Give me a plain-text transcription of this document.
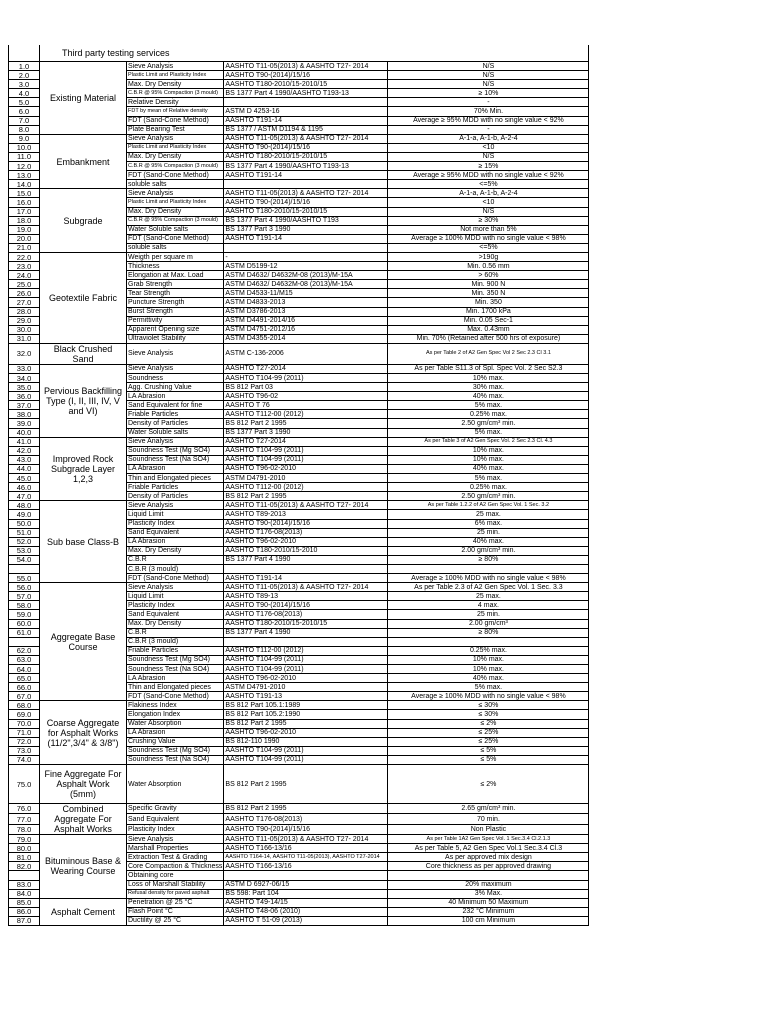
	Third party testing services			
1.0	Existing Material	Sieve Analysis	AASHTO T11-05(2013) & AASHTO T27- 2014	N/S
2.0		Plastic Limit and Plasticity Index	AASHTO T90-(2014)/15/16	N/S
3.0		Max. Dry Density	AASHTO T180-2010/15-2010/15	N/S
4.0		C.B.R @ 95% Compaction (3 mould)	BS 1377 Part 4 1990/AASHTO T193-13	≥ 10%
5.0		Relative Density		-
6.0		FDT by mean of Relative density	ASTM D 4253-16	70% Min.
7.0		FDT (Sand-Cone Method)	AASHTO T191-14	Average ≥ 95% MDD with no single value < 92%
8.0		Plate Bearing Test	BS 1377 / ASTM D1194 & 1195	-
9.0	Embankment	Sieve Analysis	AASHTO T11-05(2013) & AASHTO T27- 2014	A-1-a, A-1-b, A-2-4
10.0		Plastic Limit and Plasticity Index	AASHTO T90-(2014)/15/16	<10
11.0		Max. Dry Density	AASHTO T180-2010/15-2010/15	N/S
12.0		C.B.R @ 95% Compaction (3 mould)	BS 1377 Part 4 1990/AASHTO T193-13	≥ 15%
13.0		FDT (Sand-Cone Method)	AASHTO T191-14	Average ≥ 95% MDD with no single value < 92%
14.0		soluble salts		<=5%
15.0	Subgrade	Sieve Analysis	AASHTO T11-05(2013) & AASHTO T27- 2014	A-1-a, A-1-b, A-2-4
16.0		Plastic Limit and Plasticity Index	AASHTO T90-(2014)/15/16	<10
17.0		Max. Dry Density	AASHTO T180-2010/15-2010/15	N/S
18.0		C.B.R @ 95% Compaction (3 mould)	BS 1377 Part 4 1990/AASHTO T193	≥ 30%
19.0		Water Soluble salts	BS 1377 Part 3 1990	Not more than 5%
20.0		FDT (Sand-Cone Method)	AASHTO T191-14	Average ≥ 100% MDD with no single value < 98%
21.0		soluble salts		<=5%
22.0	Geotextile Fabric	Weigth per square m	-	>190g
23.0		Thickness	ASTM D5199-12	Min. 0.56 mm
24.0		Elongation at Max. Load	ASTM D4632/ D4632M-08 (2013)/M-15A	> 60%
25.0		Grab Strength	ASTM D4632/ D4632M-08 (2013)/M-15A	Min. 900 N
26.0		Tear Strength	ASTM D4533-11/M15	Min. 350 N
27.0		Puncture Strength	ASTM D4833-2013	Min. 350
28.0		Burst Strength	ASTM D3786-2013	Min. 1700 kPa
29.0		Permittivity	ASTM D4491-2014/16	Min. 0.05 Sec-1
30.0		Apparent Opening size	ASTM D4751-2012/16	Max. 0.43mm
31.0		Ultraviolet Stability	ASTM D4355-2014	Min. 70% (Retained after 500 hrs of exposure)
32.0	Black Crushed Sand	Sieve Analysis	ASTM C-136-2006	As per Table 2 of A2 Gen Spec Vol 2 Sec 2.3 Cl 3.1
33.0	Pervious Backfilling Type (I, II, III, IV, V and VI)	Sieve Analysis	AASHTO T27-2014	As per Table S11.3 of Spl. Spec Vol. 2 Sec S2.3
34.0		Soundness	AASHTO T104-99 (2011)	10% max.
35.0		Agg. Crushing Value	BS 812 Part 03	30% max.
36.0		LA Abrasion	AASHTO T96-02	40% max.
37.0		Sand Equivalent for fine	AASHTO T 76	5% max.
38.0		Friable Particles	AASHTO T112-00 (2012)	0.25% max.
39.0		Density of Particles	BS 812 Part 2 1995	2.50 gm/cm³ min.
40.0		Water Soluble salts	BS 1377 Part 3 1990	5% max.
41.0	Improved Rock Subgrade Layer 1,2,3	Sieve Analysis	AASHTO T27-2014	As per Table 3 of A2 Gen Spec Vol. 2 Sec 2.3 Cl. 4.3
42.0		Soundness Test (Mg SO4)	AASHTO T104-99 (2011)	10% max.
43.0		Soundness Test (Na SO4)	AASHTO T104-99 (2011)	10% max.
44.0		LA Abrasion	AASHTO T96-02-2010	40% max.
45.0		Thin and Elongated pieces	ASTM D4791-2010	5% max.
46.0		Friable Particles	AASHTO T112-00 (2012)	0.25% max.
47.0		Density of Particles	BS 812 Part 2 1995	2.50 gm/cm³ min.
48.0	Sub base Class-B	Sieve Analysis	AASHTO T11-05(2013) & AASHTO T27- 2014	As per Table 1.2.2 of A2 Gen Spec Vol. 1 Sec. 3.2
49.0		Liquid Limit	AASHTO T89-2013	25 max.
50.0		Plasticity Index	AASHTO T90-(2014)/15/16	6% max.
51.0		Sand Equivalent	AASHTO T176-08(2013)	25 min.
52.0		LA Abrasion	AASHTO T96-02-2010	40% max.
53.0		Max. Dry Density	AASHTO T180-2010/15-2010	2.00 gm/cm³ min.
54.0		C.B.R	BS 1377 Part 4 1990	≥ 80%
		C.B.R (3 mould)		
55.0		FDT (Sand-Cone Method)	AASHTO T191-14	Average ≥ 100% MDD with no single value < 98%
56.0	Aggregate Base Course	Sieve Analysis	AASHTO T11-05(2013) & AASHTO T27- 2014	As per Table 2.3 of A2 Gen Spec Vol. 1 Sec. 3.3
57.0		Liquid Limit	AASHTO T89-13	25 max.
58.0		Plasticity Index	AASHTO T90-(2014)/15/16	4 max.
59.0		Sand Equivalent	AASHTO T176-08(2013)	25 min.
60.0		Max. Dry Density	AASHTO T180-2010/15-2010/15	2.00 gm/cm³
61.0		C.B.R	BS 1377 Part 4 1990	≥ 80%
		C.B.R (3 mould)		
62.0		Friable Particles	AASHTO T112-00 (2012)	0.25% max.
63.0		Soundness Test (Mg SO4)	AASHTO T104-99 (2011)	10% max.
64.0		Soundness Test (Na SO4)	AASHTO T104-99 (2011)	10% max.
65.0		LA Abrasion	AASHTO T96-02-2010	40% max.
66.0		Thin and Elongated pieces	ASTM D4791-2010	5% max.
67.0		FDT (Sand-Cone Method)	AASHTO T191-13	Average ≥ 100% MDD with no single value < 98%
68.0	Coarse Aggregate for Asphalt Works (11/2",3/4" & 3/8")	Flakiness Index	BS 812 Part 105.1:1989	≤ 30%
69.0		Elongation Index	BS 812 Part 105.2:1990	≤ 30%
70.0		Water Absorption	BS 812 Part 2 1995	≤ 2%
71.0		LA Abrasion	AASHTO T96-02-2010	≤ 25%
72.0		Crushing Value	BS 812-110 1990	≤ 25%
73.0		Soundness Test (Mg SO4)	AASHTO T104-99 (2011)	≤ 5%
74.0		Soundness Test (Na SO4)	AASHTO T104-99 (2011)	≤ 5%
75.0	Fine Aggregate For Asphalt Work (5mm)	Water Absorption	BS 812 Part 2 1995	≤ 2%
76.0	Combined Aggregate For Asphalt Works	Specific Gravity	BS 812 Part 2 1995	2.65 gm/cm³ min.
77.0		Sand Equivalent	AASHTO T176-08(2013)	70 min.
78.0		Plasticity Index	AASHTO T90-(2014)/15/16	Non Plastic
79.0	Bituminous Base & Wearing Course	Sieve Analysis	AASHTO T11-05(2013) & AASHTO T27- 2014	As per Table 1A2 Gen Spec Vol. 1 Sec.3.4 Cl.2.1.3
80.0		Marshall Properties	AASHTO T166-13/16	As per Table 5, A2 Gen Spec Vol.1 Sec.3.4 Cl.3
81.0		Extraction Test & Grading	AASHTO T164-14, AASHTO T11-05(2013), AASHTO T27-2014	As per approved mix design
82.0		Core Compaction & Thickness	AASHTO T166-13/16	Core thickness as per approved drawing
		Obtaining core		
83.0		Loss of Marshall Stability	ASTM D 6927-06/15	20% maximum
84.0		Refusal density for paved asphalt	BS 598: Part 104	3% Max.
85.0	Asphalt Cement	Penetration @ 25 °C	AASHTO T49-14/15	40 Minimum 50 Maximum
86.0		Flash Point °C	AASHTO T48-06 (2010)	232 °C Minimum
87.0		Ductility @ 25 °C	AASHTO T 51-09 (2013)	100 cm Minimum
